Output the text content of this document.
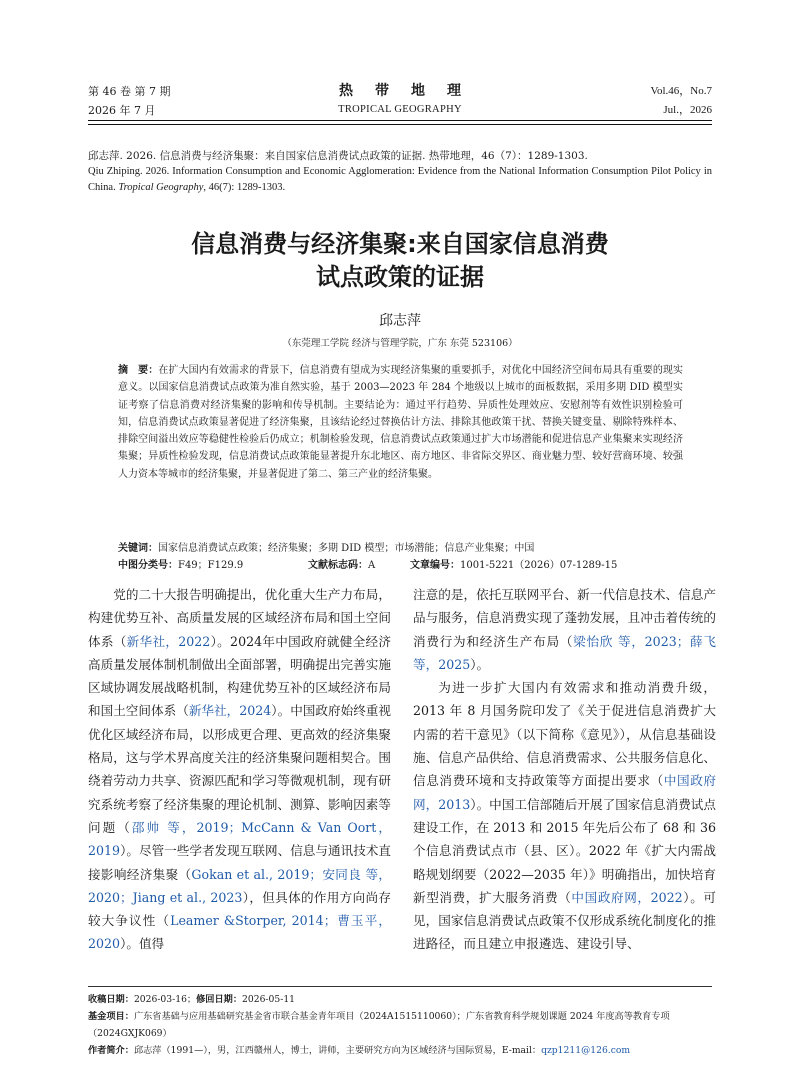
第 46 卷 第 7 期
2026 年 7 月
热带地理
TROPICAL GEOGRAPHY
Vol.46，No.7
Jul.，2026
邱志萍. 2026. 信息消费与经济集聚：来自国家信息消费试点政策的证据. 热带地理，46（7）：1289-1303.
Qiu Zhiping. 2026. Information Consumption and Economic Agglomeration: Evidence from the National Information Consumption Pilot Policy in China. Tropical Geography, 46(7): 1289-1303.
信息消费与经济集聚:来自国家信息消费
试点政策的证据
邱志萍
（东莞理工学院 经济与管理学院，广东 东莞 523106）
摘　要：在扩大国内有效需求的背景下，信息消费有望成为实现经济集聚的重要抓手，对优化中国经济空间布局具有重要的现实意义。以国家信息消费试点政策为准自然实验，基于 2003—2023 年 284 个地级以上城市的面板数据，采用多期 DID 模型实证考察了信息消费对经济集聚的影响和传导机制。主要结论为：通过平行趋势、异质性处理效应、安慰剂等有效性识别检验可知，信息消费试点政策显著促进了经济集聚，且该结论经过替换估计方法、排除其他政策干扰、替换关键变量、剔除特殊样本、排除空间溢出效应等稳健性检验后仍成立；机制检验发现，信息消费试点政策通过扩大市场潜能和促进信息产业集聚来实现经济集聚；异质性检验发现，信息消费试点政策能显著提升东北地区、南方地区、非省际交界区、商业魅力型、较好营商环境、较强人力资本等城市的经济集聚，并显著促进了第二、第三产业的经济集聚。
关键词：国家信息消费试点政策；经济集聚；多期 DID 模型；市场潜能；信息产业集聚；中国
中图分类号：F49；F129.9	文献标志码：A	文章编号：1001-5221（2026）07-1289-15

党的二十大报告明确提出，优化重大生产力布局，构建优势互补、高质量发展的区域经济布局和国土空间体系（新华社，2022）。2024年中国政府就健全经济高质量发展体制机制做出全面部署，明确提出完善实施区域协调发展战略机制，构建优势互补的区域经济布局和国土空间体系（新华社，2024）。中国政府始终重视优化区域经济布局，以形成更合理、更高效的经济集聚格局，这与学术界高度关注的经济集聚问题相契合。围绕着劳动力共享、资源匹配和学习等微观机制，现有研究系统考察了经济集聚的理论机制、测算、影响因素等问题（邵帅 等，2019；McCann & Van Oort，2019）。尽管一些学者发现互联网、信息与通讯技术直接影响经济集聚（Gokan et al., 2019；安同良 等，2020；Jiang et al., 2023），但具体的作用方向尚存较大争议性（Leamer &Storper, 2014；曹玉平，2020）。值得

注意的是，依托互联网平台、新一代信息技术、信息产品与服务，信息消费实现了蓬勃发展，且冲击着传统的消费行为和经济生产布局（梁怡欣 等，2023；薛飞 等，2025）。

为进一步扩大国内有效需求和推动消费升级，2013 年 8 月国务院印发了《关于促进信息消费扩大内需的若干意见》（以下简称《意见》），从信息基础设施、信息产品供给、信息消费需求、公共服务信息化、信息消费环境和支持政策等方面提出要求（中国政府网，2013）。中国工信部随后开展了国家信息消费试点建设工作，在 2013 和 2015 年先后公布了 68 和 36 个信息消费试点市（县、区）。2022 年《扩大内需战略规划纲要（2022—2035 年）》明确指出，加快培育新型消费，扩大服务消费（中国政府网，2022）。可见，国家信息消费试点政策不仅形成系统化制度化的推进路径，而且建立申报遴选、建设引导、

收稿日期：2026-03-16；修回日期：2026-05-11
基金项目：广东省基础与应用基础研究基金省市联合基金青年项目（2024A1515110060）；广东省教育科学规划课题 2024 年度高等教育专项（2024GXJK069）
作者简介：邱志萍（1991—），男，江西赣州人，博士，讲师，主要研究方向为区域经济与国际贸易，E-mail：qzp1211@126.com
